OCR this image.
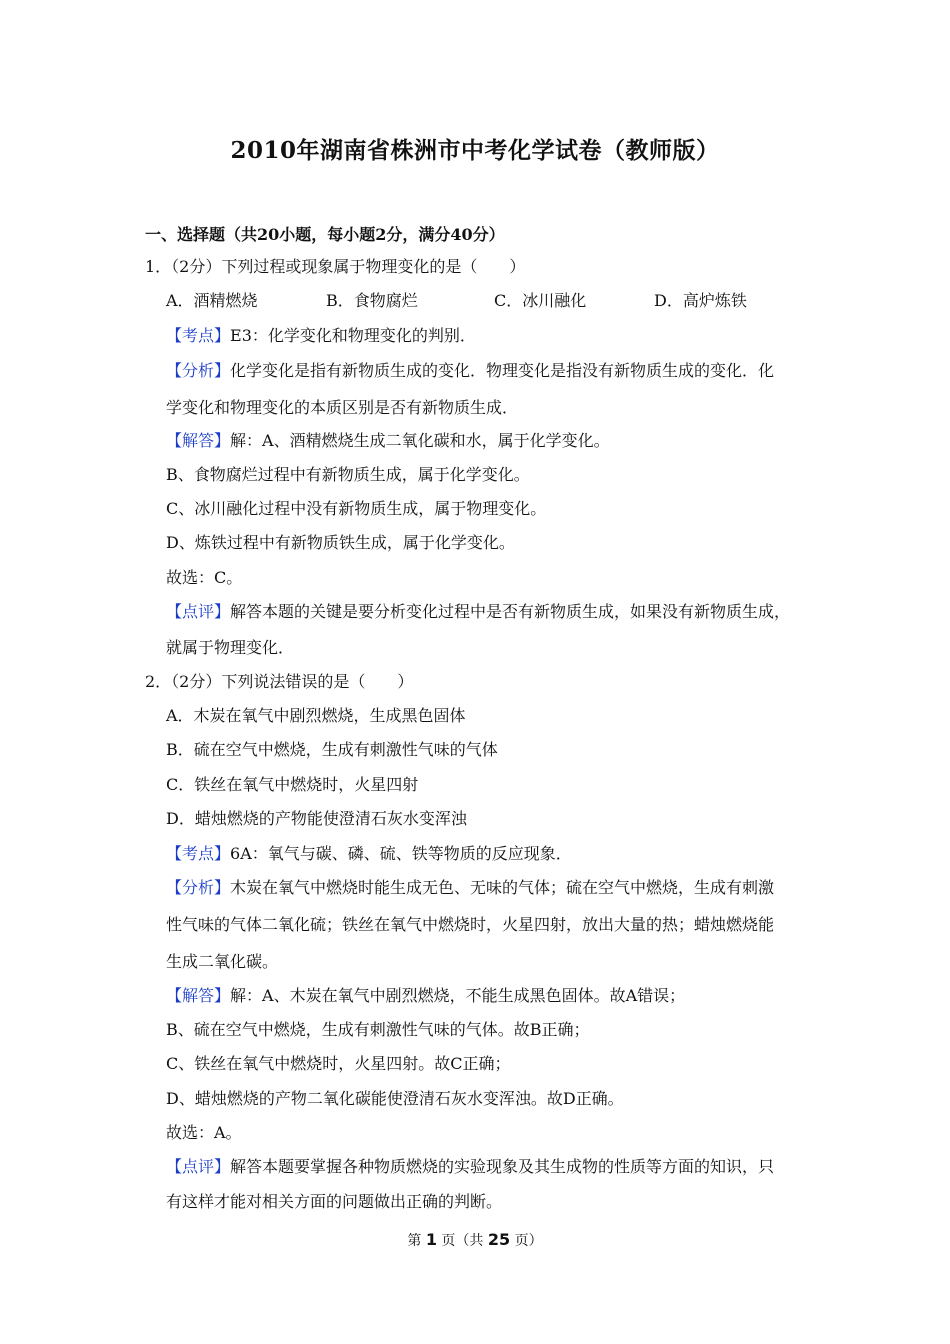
2010年湖南省株洲市中考化学试卷（教师版）
一、选择题（共20小题，每小题2分，满分40分）
1．（2分）下列过程或现象属于物理变化的是（　　）
A．酒精燃烧	B．食物腐烂	C．冰川融化	D．高炉炼铁
【考点】E3：化学变化和物理变化的判别．
【分析】化学变化是指有新物质生成的变化．物理变化是指没有新物质生成的变化．化
学变化和物理变化的本质区别是否有新物质生成．
【解答】解：A、酒精燃烧生成二氧化碳和水，属于化学变化。
B、食物腐烂过程中有新物质生成，属于化学变化。
C、冰川融化过程中没有新物质生成，属于物理变化。
D、炼铁过程中有新物质铁生成，属于化学变化。
故选：C。
【点评】解答本题的关键是要分析变化过程中是否有新物质生成，如果没有新物质生成，
就属于物理变化．
2．（2分）下列说法错误的是（　　）
A．木炭在氧气中剧烈燃烧，生成黑色固体
B．硫在空气中燃烧，生成有刺激性气味的气体
C．铁丝在氧气中燃烧时，火星四射
D．蜡烛燃烧的产物能使澄清石灰水变浑浊
【考点】6A：氧气与碳、磷、硫、铁等物质的反应现象．
【分析】木炭在氧气中燃烧时能生成无色、无味的气体；硫在空气中燃烧，生成有刺激
性气味的气体二氧化硫；铁丝在氧气中燃烧时，火星四射，放出大量的热；蜡烛燃烧能
生成二氧化碳。
【解答】解：A、木炭在氧气中剧烈燃烧，不能生成黑色固体。故A错误；
B、硫在空气中燃烧，生成有刺激性气味的气体。故B正确；
C、铁丝在氧气中燃烧时，火星四射。故C正确；
D、蜡烛燃烧的产物二氧化碳能使澄清石灰水变浑浊。故D正确。
故选：A。
【点评】解答本题要掌握各种物质燃烧的实验现象及其生成物的性质等方面的知识，只
有这样才能对相关方面的问题做出正确的判断。
第 1 页（共 25 页）
